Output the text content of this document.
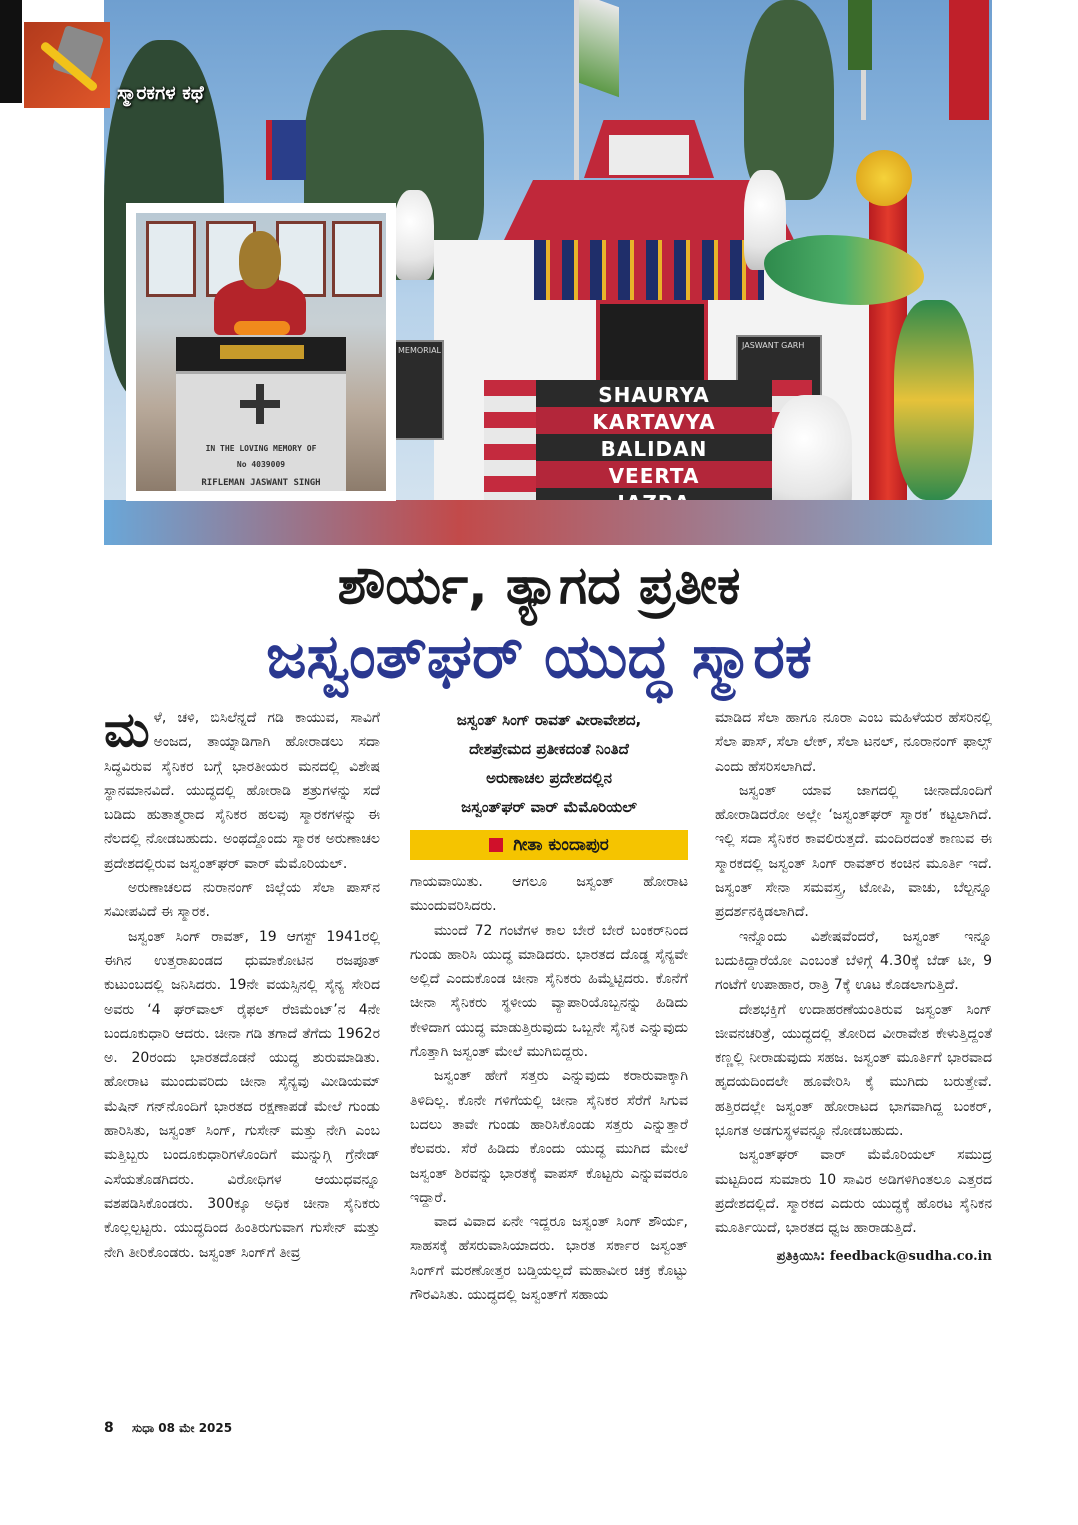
MEMORIAL
JASWANT GARH
SHAURYA
KARTAVYA
BALIDAN
VEERTA
ಸ್ಮಾರಕಗಳ ಕಥೆ
IN THE LOVING MEMORY OF
No 4039009
RIFLEMAN JASWANT SINGH
ಶೌರ್ಯ, ತ್ಯಾಗದ ಪ್ರತೀಕ
ಜಸ್ವಂತ್‌ಘರ್ ಯುದ್ಧ ಸ್ಮಾರಕ

ಮಳೆ, ಚಳಿ, ಬಿಸಿಲೆನ್ನದೆ ಗಡಿ ಕಾಯುವ, ಸಾವಿಗೆ ಅಂಜದ, ತಾಯ್ನಾಡಿಗಾಗಿ ಹೋರಾಡಲು ಸದಾ ಸಿದ್ಧವಿರುವ ಸೈನಿಕರ ಬಗ್ಗೆ ಭಾರತೀಯರ ಮನದಲ್ಲಿ ವಿಶೇಷ ಸ್ಥಾನಮಾನವಿದೆ. ಯುದ್ಧದಲ್ಲಿ ಹೋರಾಡಿ ಶತ್ರುಗಳನ್ನು ಸದೆ ಬಡಿದು ಹುತಾತ್ಮರಾದ ಸೈನಿಕರ ಹಲವು ಸ್ಮಾರಕಗಳನ್ನು ಈ ನೆಲದಲ್ಲಿ ನೋಡಬಹುದು. ಅಂಥದ್ದೊಂದು ಸ್ಮಾರಕ ಅರುಣಾಚಲ ಪ್ರದೇಶದಲ್ಲಿರುವ ಜಸ್ವಂತ್‌ಘರ್ ವಾರ್ ಮೆಮೊರಿಯಲ್.

ಅರುಣಾಚಲದ ನುರಾನಂಗ್ ಜಿಲ್ಲೆಯ ಸೆಲಾ ಪಾಸ್‌ನ ಸಮೀಪವಿದೆ ಈ ಸ್ಮಾರಕ.

ಜಸ್ವಂತ್ ಸಿಂಗ್ ರಾವತ್, 19 ಆಗಸ್ಟ್ 1941ರಲ್ಲಿ ಈಗಿನ ಉತ್ತರಾಖಂಡದ ಧುಮಾಕೋಟಿನ ರಜಪೂತ್ ಕುಟುಂಬದಲ್ಲಿ ಜನಿಸಿದರು. 19ನೇ ವಯಸ್ಸಿನಲ್ಲಿ ಸೈನ್ಯ ಸೇರಿದ ಅವರು ‘4 ಘರ್‌ವಾಲ್ ರೈಫಲ್ ರೆಜಿಮೆಂಟ್’ನ 4ನೇ ಬಂದೂಕುಧಾರಿ ಆದರು. ಚೀನಾ ಗಡಿ ತಗಾದೆ ತೆಗೆದು 1962ರ ಅ. 20ರಂದು ಭಾರತದೊಡನೆ ಯುದ್ಧ ಶುರುಮಾಡಿತು. ಹೋರಾಟ ಮುಂದುವರಿದು ಚೀನಾ ಸೈನ್ಯವು ಮೀಡಿಯಮ್ ಮೆಷಿನ್ ಗನ್‌ನೊಂದಿಗೆ ಭಾರತದ ರಕ್ಷಣಾಪಡೆ ಮೇಲೆ ಗುಂಡು ಹಾರಿಸಿತು, ಜಸ್ವಂತ್ ಸಿಂಗ್, ಗುಸೇನ್ ಮತ್ತು ನೇಗಿ ಎಂಬ ಮತ್ತಿಬ್ಬರು ಬಂದೂಕುಧಾರಿಗಳೊಂದಿಗೆ ಮುನ್ನುಗ್ಗಿ ಗ್ರೆನೇಡ್ ಎಸೆಯತೊಡಗಿದರು. ವಿರೋಧಿಗಳ ಆಯುಧವನ್ನೂ ವಶಪಡಿಸಿಕೊಂಡರು. 300ಕ್ಕೂ ಅಧಿಕ ಚೀನಾ ಸೈನಿಕರು ಕೊಲ್ಲಲ್ಪಟ್ಟರು. ಯುದ್ಧದಿಂದ ಹಿಂತಿರುಗುವಾಗ ಗುಸೇನ್ ಮತ್ತು ನೇಗಿ ತೀರಿಕೊಂಡರು. ಜಸ್ವಂತ್ ಸಿಂಗ್‌ಗೆ ತೀವ್ರ

ಜಸ್ವಂತ್ ಸಿಂಗ್ ರಾವತ್ ವೀರಾವೇಶದ,
ದೇಶಪ್ರೇಮದ ಪ್ರತೀಕದಂತೆ ನಿಂತಿದೆ
ಅರುಣಾಚಲ ಪ್ರದೇಶದಲ್ಲಿನ
ಜಸ್ವಂತ್‌ಘರ್ ವಾರ್ ಮೆಮೊರಿಯಲ್
ಗೀತಾ ಕುಂದಾಪುರ

ಗಾಯವಾಯಿತು. ಆಗಲೂ ಜಸ್ವಂತ್ ಹೋರಾಟ ಮುಂದುವರಿಸಿದರು.

ಮುಂದೆ 72 ಗಂಟೆಗಳ ಕಾಲ ಬೇರೆ ಬೇರೆ ಬಂಕರ್‌ನಿಂದ ಗುಂಡು ಹಾರಿಸಿ ಯುದ್ಧ ಮಾಡಿದರು. ಭಾರತದ ದೊಡ್ಡ ಸೈನ್ಯವೇ ಅಲ್ಲಿದೆ ಎಂದುಕೊಂಡ ಚೀನಾ ಸೈನಿಕರು ಹಿಮ್ಮೆಟ್ಟಿದರು. ಕೊನೆಗೆ ಚೀನಾ ಸೈನಿಕರು ಸ್ಥಳೀಯ ವ್ಯಾಪಾರಿಯೊಬ್ಬನನ್ನು ಹಿಡಿದು ಕೇಳಿದಾಗ ಯುದ್ಧ ಮಾಡುತ್ತಿರುವುದು ಒಬ್ಬನೇ ಸೈನಿಕ ಎನ್ನುವುದು ಗೊತ್ತಾಗಿ ಜಸ್ವಂತ್ ಮೇಲೆ ಮುಗಿಬಿದ್ದರು.

ಜಸ್ವಂತ್ ಹೇಗೆ ಸತ್ತರು ಎನ್ನುವುದು ಕರಾರುವಾಕ್ಕಾಗಿ ತಿಳಿದಿಲ್ಲ. ಕೊನೇ ಗಳಿಗೆಯಲ್ಲಿ ಚೀನಾ ಸೈನಿಕರ ಸೆರೆಗೆ ಸಿಗುವ ಬದಲು ತಾವೇ ಗುಂಡು ಹಾರಿಸಿಕೊಂಡು ಸತ್ತರು ಎನ್ನುತ್ತಾರೆ ಕೆಲವರು. ಸೆರೆ ಹಿಡಿದು ಕೊಂದು ಯುದ್ಧ ಮುಗಿದ ಮೇಲೆ ಜಸ್ವಂತ್ ಶಿರವನ್ನು ಭಾರತಕ್ಕೆ ವಾಪಸ್ ಕೊಟ್ಟರು ಎನ್ನುವವರೂ ಇದ್ದಾರೆ.

ವಾದ ವಿವಾದ ಏನೇ ಇದ್ದರೂ ಜಸ್ವಂತ್ ಸಿಂಗ್ ಶೌರ್ಯ, ಸಾಹಸಕ್ಕೆ ಹೆಸರುವಾಸಿಯಾದರು. ಭಾರತ ಸರ್ಕಾರ ಜಸ್ವಂತ್ ಸಿಂಗ್‌ಗೆ ಮರಣೋತ್ತರ ಬಡ್ತಿಯಲ್ಲದೆ ಮಹಾವೀರ ಚಕ್ರ ಕೊಟ್ಟು ಗೌರವಿಸಿತು. ಯುದ್ಧದಲ್ಲಿ ಜಸ್ವಂತ್‌ಗೆ ಸಹಾಯ

ಮಾಡಿದ ಸೆಲಾ ಹಾಗೂ ನೂರಾ ಎಂಬ ಮಹಿಳೆಯರ ಹೆಸರಿನಲ್ಲಿ ಸೆಲಾ ಪಾಸ್, ಸೆಲಾ ಲೇಕ್, ಸೆಲಾ ಟನಲ್, ನೂರಾನಂಗ್ ಫಾಲ್ಸ್ ಎಂದು ಹೆಸರಿಸಲಾಗಿದೆ.

ಜಸ್ವಂತ್ ಯಾವ ಜಾಗದಲ್ಲಿ ಚೀನಾದೊಂದಿಗೆ ಹೋರಾಡಿದರೋ ಅಲ್ಲೇ ‘ಜಸ್ವಂತ್‌ಘರ್ ಸ್ಮಾರಕ’ ಕಟ್ಟಲಾಗಿದೆ. ಇಲ್ಲಿ ಸದಾ ಸೈನಿಕರ ಕಾವಲಿರುತ್ತದೆ. ಮಂದಿರದಂತೆ ಕಾಣುವ ಈ ಸ್ಮಾರಕದಲ್ಲಿ ಜಸ್ವಂತ್ ಸಿಂಗ್ ರಾವತ್‌ರ ಕಂಚಿನ ಮೂರ್ತಿ ಇದೆ. ಜಸ್ವಂತ್ ಸೇನಾ ಸಮವಸ್ತ್ರ, ಟೋಪಿ, ವಾಚು, ಬೆಲ್ಟನ್ನೂ ಪ್ರದರ್ಶನಕ್ಕಿಡಲಾಗಿದೆ.

ಇನ್ನೊಂದು ವಿಶೇಷವೆಂದರೆ, ಜಸ್ವಂತ್ ಇನ್ನೂ ಬದುಕಿದ್ದಾರೆಯೋ ಎಂಬಂತೆ ಬೆಳಿಗ್ಗೆ 4.30ಕ್ಕೆ ಬೆಡ್ ಟೀ, 9 ಗಂಟೆಗೆ ಉಪಾಹಾರ, ರಾತ್ರಿ 7ಕ್ಕೆ ಊಟ ಕೊಡಲಾಗುತ್ತಿದೆ.

ದೇಶಭಕ್ತಿಗೆ ಉದಾಹರಣೆಯಂತಿರುವ ಜಸ್ವಂತ್ ಸಿಂಗ್ ಜೀವನಚರಿತ್ರೆ, ಯುದ್ಧದಲ್ಲಿ ತೋರಿದ ವೀರಾವೇಶ ಕೇಳುತ್ತಿದ್ದಂತೆ ಕಣ್ಣಲ್ಲಿ ನೀರಾಡುವುದು ಸಹಜ. ಜಸ್ವಂತ್ ಮೂರ್ತಿಗೆ ಭಾರವಾದ ಹೃದಯದಿಂದಲೇ ಹೂವೇರಿಸಿ ಕೈ ಮುಗಿದು ಬರುತ್ತೇವೆ. ಹತ್ತಿರದಲ್ಲೇ ಜಸ್ವಂತ್ ಹೋರಾಟದ ಭಾಗವಾಗಿದ್ದ ಬಂಕರ್, ಭೂಗತ ಅಡಗುಸ್ಥಳವನ್ನೂ ನೋಡಬಹುದು.

ಜಸ್ವಂತ್‌ಘರ್ ವಾರ್ ಮೆಮೊರಿಯಲ್ ಸಮುದ್ರ ಮಟ್ಟದಿಂದ ಸುಮಾರು 10 ಸಾವಿರ ಅಡಿಗಳಿಗಿಂತಲೂ ಎತ್ತರದ ಪ್ರದೇಶದಲ್ಲಿದೆ. ಸ್ಮಾರಕದ ಎದುರು ಯುದ್ಧಕ್ಕೆ ಹೊರಟ ಸೈನಿಕನ ಮೂರ್ತಿಯಿದೆ, ಭಾರತದ ಧ್ವಜ ಹಾರಾಡುತ್ತಿದೆ.

ಪ್ರತಿಕ್ರಿಯಿಸಿ: feedback@sudha.co.in
8 ಸುಧಾ 08 ಮೇ 2025
